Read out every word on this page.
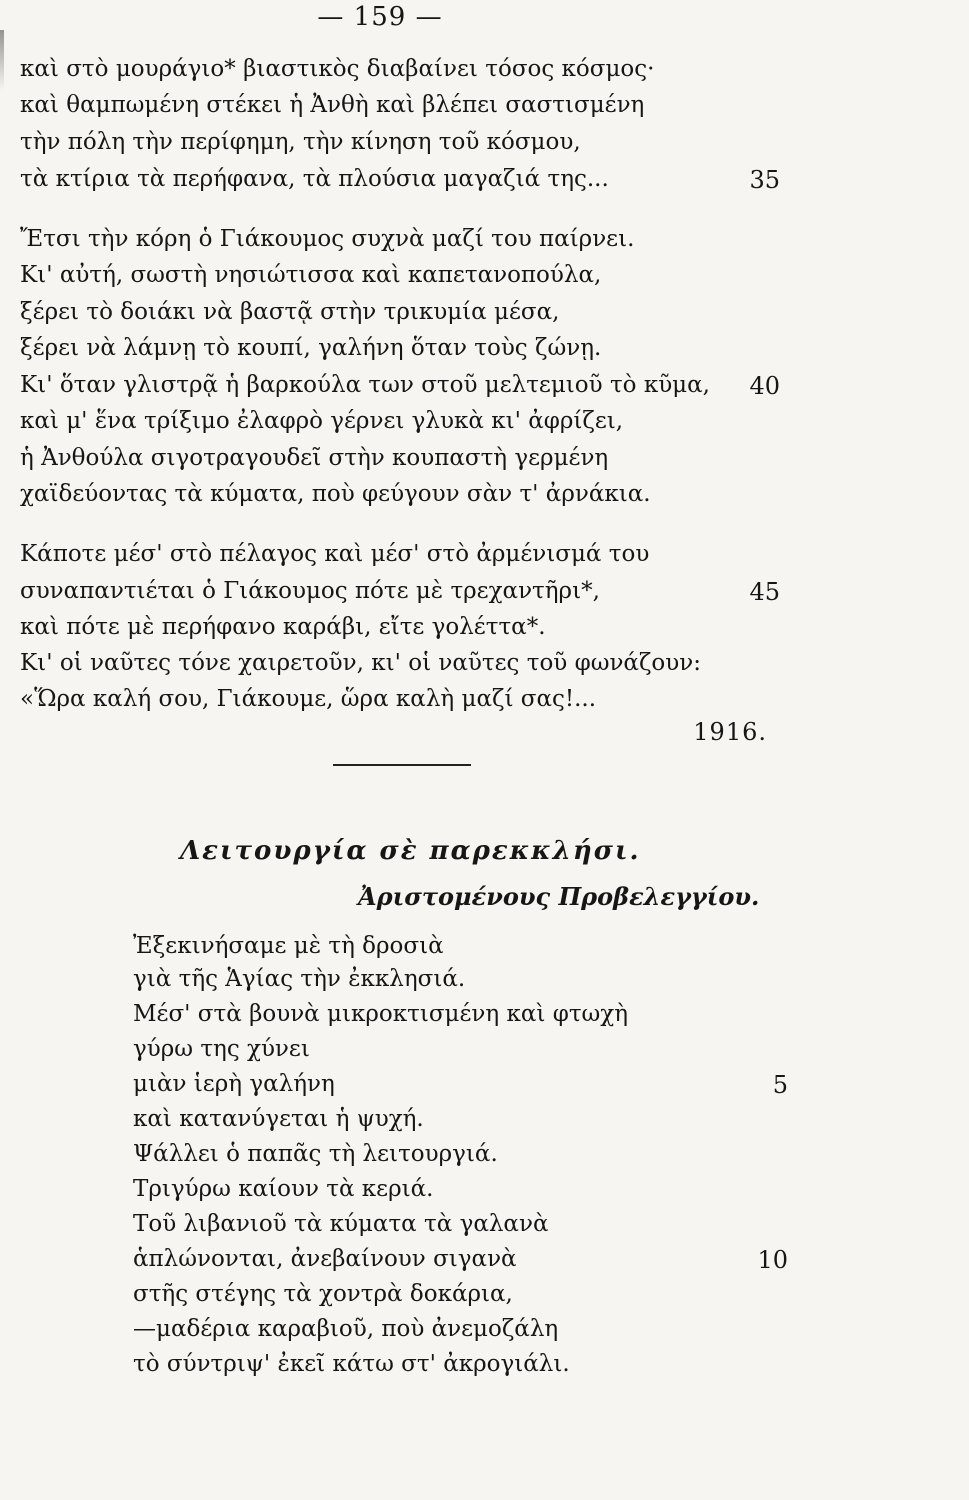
— 159 —
καὶ στὸ μουράγιο* βιαστικὸς διαβαίνει τόσος κόσμος·
καὶ θαμπωμένη στέκει ἡ Ἀνθὴ καὶ βλέπει σαστισμένη
τὴν πόλη τὴν περίφημη, τὴν κίνηση τοῦ κόσμου,
τὰ κτίρια τὰ περήφανα, τὰ πλούσια μαγαζιά της...	35
Ἔτσι τὴν κόρη ὁ Γιάκουμος συχνὰ μαζί του παίρνει.
Κι' αὐτή, σωστὴ νησιώτισσα καὶ καπετανοπούλα,
ξέρει τὸ δοιάκι νὰ βαστᾷ στὴν τρικυμία μέσα,
ξέρει νὰ λάμνῃ τὸ κουπί, γαλήνη ὅταν τοὺς ζώνῃ.
Κι' ὅταν γλιστρᾷ ἡ βαρκούλα των στοῦ μελτεμιοῦ τὸ κῦμα, 40
καὶ μ' ἕνα τρίξιμο ἐλαφρὸ γέρνει γλυκὰ κι' ἀφρίζει,
ἡ Ἀνθούλα σιγοτραγουδεῖ στὴν κουπαστὴ γερμένη
χαϊδεύοντας τὰ κύματα, ποὺ φεύγουν σὰν τ' ἀρνάκια.
Κάποτε μέσ' στὸ πέλαγος καὶ μέσ' στὸ ἀρμένισμά του
συναπαντιέται ὁ Γιάκουμος πότε μὲ τρεχαντῆρι*,	45
καὶ πότε μὲ περήφανο καράβι, εἴτε γολέττα*.
Κι' οἱ ναῦτες τόνε χαιρετοῦν, κι' οἱ ναῦτες τοῦ φωνάζουν:
«Ὥρα καλή σου, Γιάκουμε, ὥρα καλὴ μαζί σας!...
1916.
Λειτουργία σὲ παρεκκλήσι.
Ἀριστομένους Προβελεγγίου.
Ἐξεκινήσαμε μὲ τὴ δροσιὰ
γιὰ τῆς Ἁγίας τὴν ἐκκλησιά.
Μέσ' στὰ βουνὰ μικροκτισμένη καὶ φτωχὴ
γύρω της χύνει
μιὰν ἱερὴ γαλήνη	5
καὶ κατανύγεται ἡ ψυχή.
Ψάλλει ὁ παπᾶς τὴ λειτουργιά.
Τριγύρω καίουν τὰ κεριά.
Τοῦ λιβανιοῦ τὰ κύματα τὰ γαλανὰ
ἁπλώνονται, ἀνεβαίνουν σιγανὰ	10
στῆς στέγης τὰ χοντρὰ δοκάρια,
—μαδέρια καραβιοῦ, ποὺ ἀνεμοζάλη
τὸ σύντριψ' ἐκεῖ κάτω στ' ἀκρογιάλι.
